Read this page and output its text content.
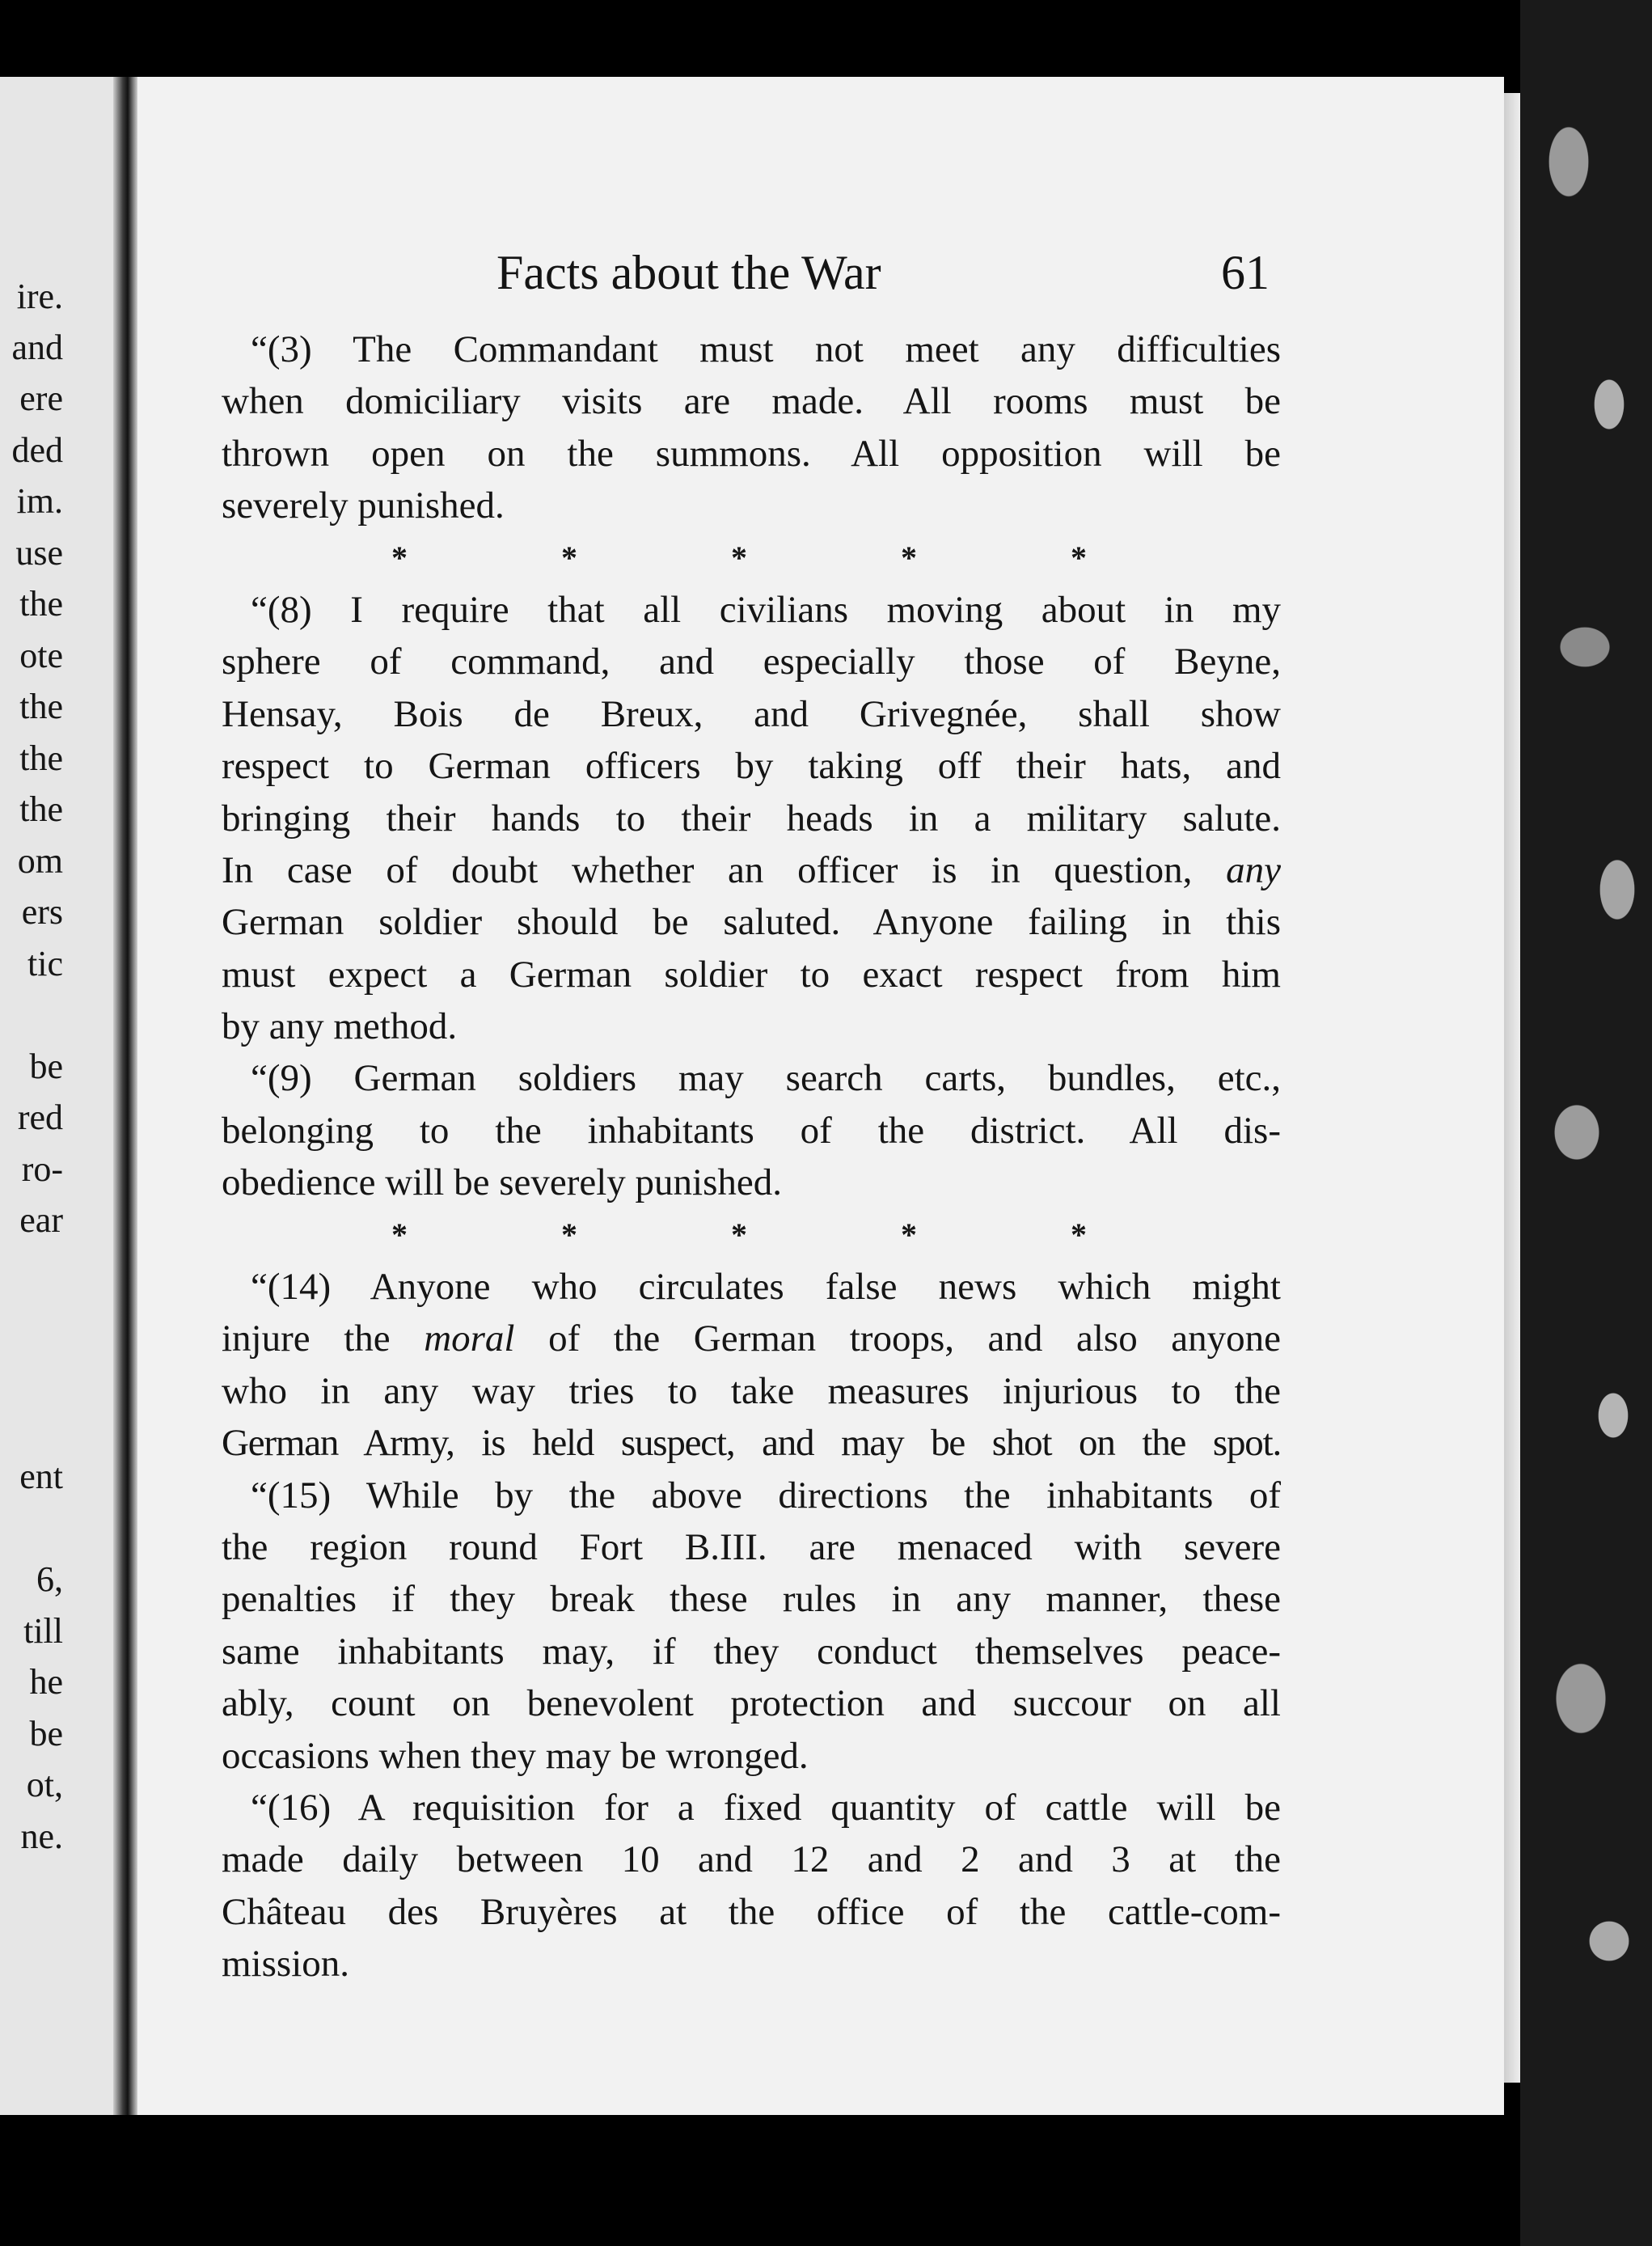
ire.
and
ere
ded
im.
use
the
ote
the
the
the
om
ers
tic
be
red
ro-
ear
ent
6,
till
he
be
ot,
ne.
Facts about the War	61
“(3) The Commandant must not meet any difficulties
when domiciliary visits are made. All rooms must be
thrown open on the summons. All opposition will be
severely punished.
*	*	*	*	*
“(8) I require that all civilians moving about in my
sphere of command, and especially those of Beyne,
Hensay, Bois de Breux, and Grivegnée, shall show
respect to German officers by taking off their hats, and
bringing their hands to their heads in a military salute.
In case of doubt whether an officer is in question, any
German soldier should be saluted. Anyone failing in this
must expect a German soldier to exact respect from him
by any method.
“(9) German soldiers may search carts, bundles, etc.,
belonging to the inhabitants of the district. All dis-
obedience will be severely punished.
*	*	*	*	*
“(14) Anyone who circulates false news which might
injure the moral of the German troops, and also anyone
who in any way tries to take measures injurious to the
German Army, is held suspect, and may be shot on the spot.
“(15) While by the above directions the inhabitants of
the region round Fort B.III. are menaced with severe
penalties if they break these rules in any manner, these
same inhabitants may, if they conduct themselves peace-
ably, count on benevolent protection and succour on all
occasions when they may be wronged.
“(16) A requisition for a fixed quantity of cattle will be
made daily between 10 and 12 and 2 and 3 at the
Château des Bruyères at the office of the cattle-com-
mission.
